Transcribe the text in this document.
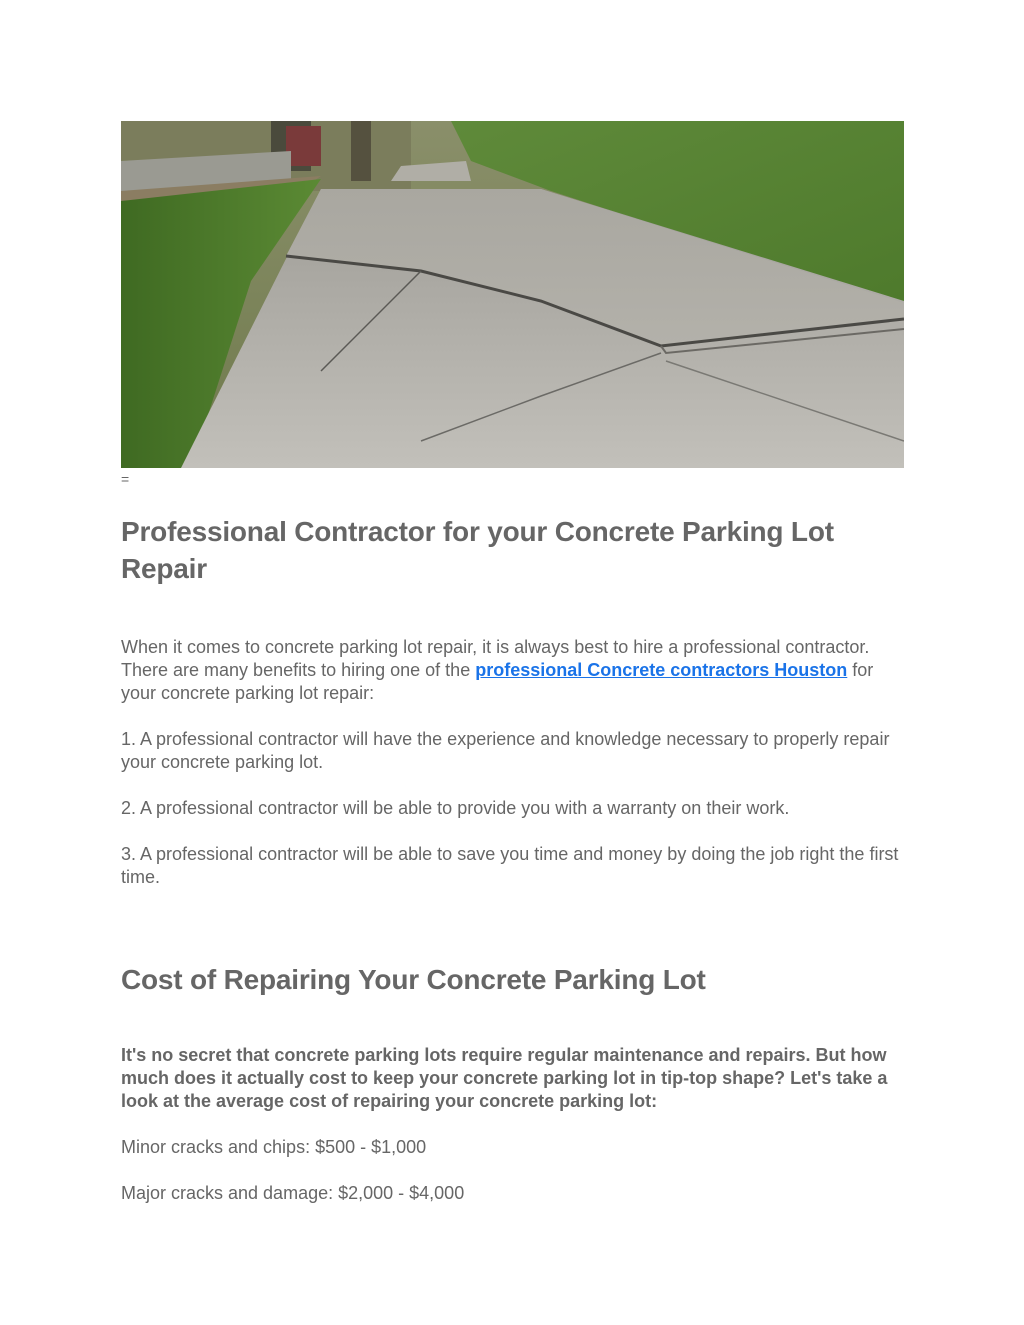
=
Professional Contractor for your Concrete Parking Lot Repair

When it comes to concrete parking lot repair, it is always best to hire a professional contractor. There are many benefits to hiring one of the professional Concrete contractors Houston for your concrete parking lot repair:

1. A professional contractor will have the experience and knowledge necessary to properly repair your concrete parking lot.

2. A professional contractor will be able to provide you with a warranty on their work.

3. A professional contractor will be able to save you time and money by doing the job right the first time.

Cost of Repairing Your Concrete Parking Lot

It's no secret that concrete parking lots require regular maintenance and repairs. But how much does it actually cost to keep your concrete parking lot in tip-top shape? Let's take a look at the average cost of repairing your concrete parking lot:

Minor cracks and chips: $500 - $1,000

Major cracks and damage: $2,000 - $4,000
